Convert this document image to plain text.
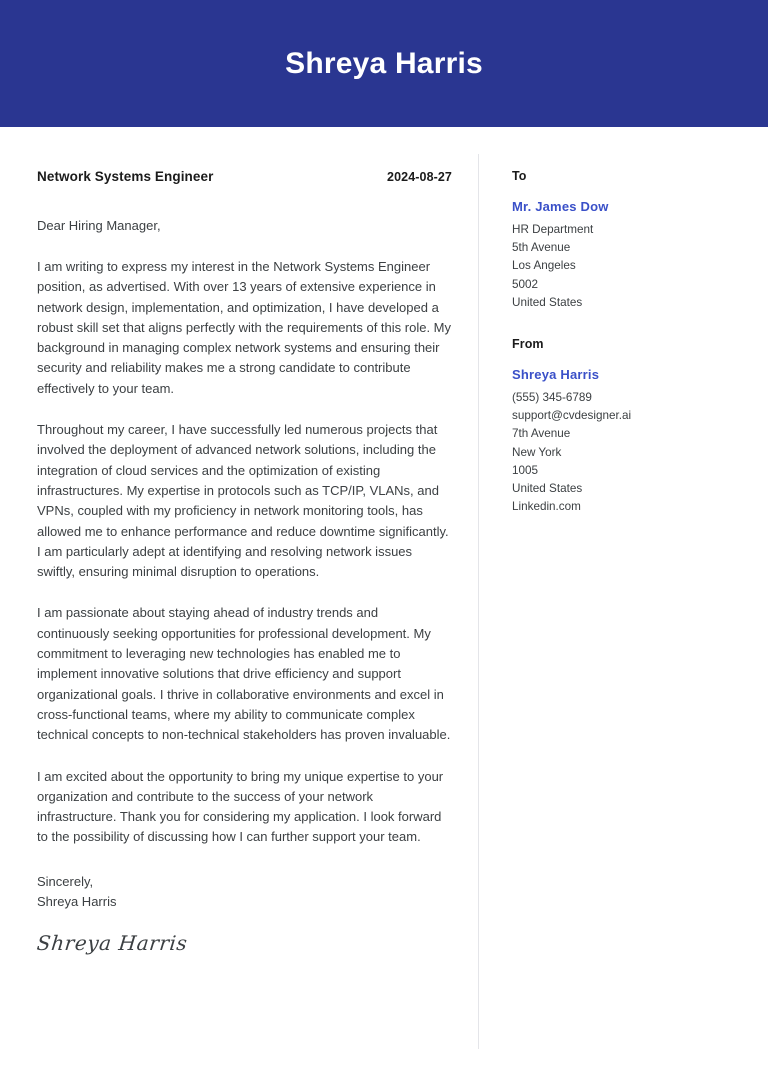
Shreya Harris
Network Systems Engineer	2024-08-27
Dear Hiring Manager,

I am writing to express my interest in the Network Systems Engineer position, as advertised. With over 13 years of extensive experience in network design, implementation, and optimization, I have developed a robust skill set that aligns perfectly with the requirements of this role. My background in managing complex network systems and ensuring their security and reliability makes me a strong candidate to contribute effectively to your team.

Throughout my career, I have successfully led numerous projects that involved the deployment of advanced network solutions, including the integration of cloud services and the optimization of existing infrastructures. My expertise in protocols such as TCP/IP, VLANs, and VPNs, coupled with my proficiency in network monitoring tools, has allowed me to enhance performance and reduce downtime significantly. I am particularly adept at identifying and resolving network issues swiftly, ensuring minimal disruption to operations.

I am passionate about staying ahead of industry trends and continuously seeking opportunities for professional development. My commitment to leveraging new technologies has enabled me to implement innovative solutions that drive efficiency and support organizational goals. I thrive in collaborative environments and excel in cross-functional teams, where my ability to communicate complex technical concepts to non-technical stakeholders has proven invaluable.

I am excited about the opportunity to bring my unique expertise to your organization and contribute to the success of your network infrastructure. Thank you for considering my application. I look forward to the possibility of discussing how I can further support your team.

Sincerely,
Shreya Harris
Shreya Harris
To
Mr. James Dow
HR Department
5th Avenue
Los Angeles
5002
United States
From
Shreya Harris
(555) 345-6789
support@cvdesigner.ai
7th Avenue
New York
1005
United States
Linkedin.com
